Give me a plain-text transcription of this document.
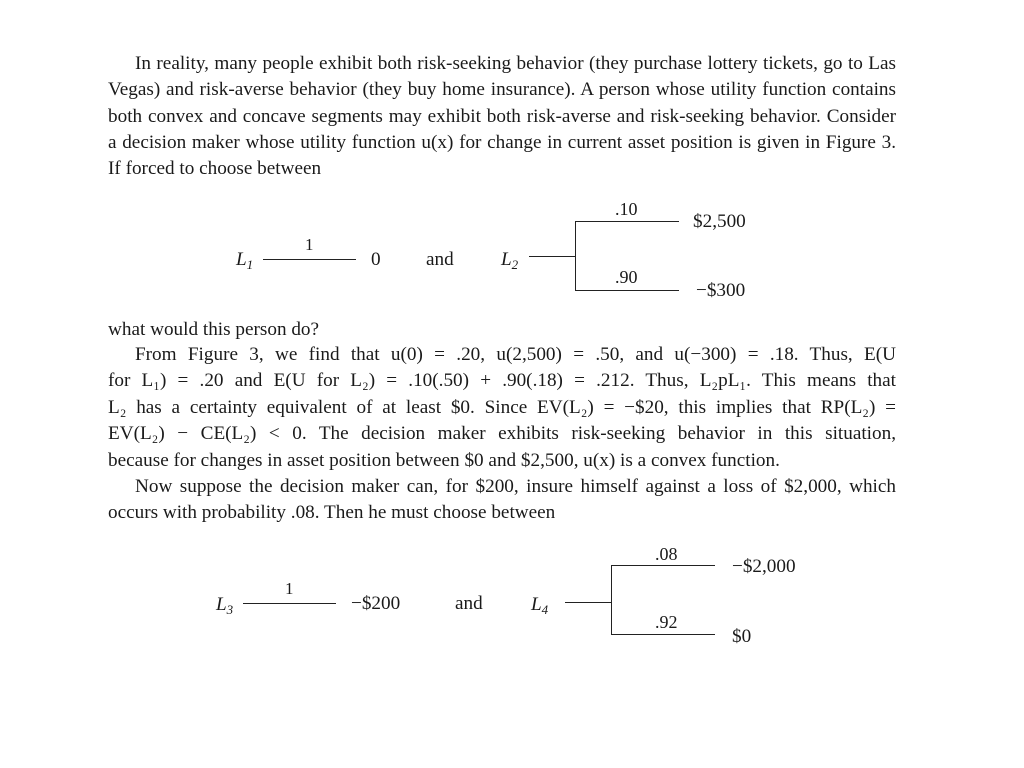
In reality, many people exhibit both risk-seeking behavior (they purchase lottery tickets, go to Las Vegas) and risk-averse behavior (they buy home insurance). A person whose utility function contains both convex and concave segments may exhibit both risk-averse and risk-seeking behavior. Consider a decision maker whose utility function u(x) for change in current asset position is given in Figure 3. If forced to choose between

$L_1$
1
0 and $L_2$
.10
$2,500
.90
−$300
what would this person do?
From Figure 3, we find that u(0) = .20, u(2,500) = .50, and u(−300) = .18. Thus, E(U
for L₁) = .20 and E(U for L₂) = .10(.50) + .90(.18) = .212. Thus, L₂pL₁. This means that
L₂ has a certainty equivalent of at least $0. Since EV(L₂) = −$20, this implies that RP(L₂) =
EV(L₂) − CE(L₂) < 0. The decision maker exhibits risk-seeking behavior in this situation,
because for changes in asset position between $0 and $2,500, u(x) is a convex function.

Now suppose the decision maker can, for $200, insure himself against a loss of $2,000, which occurs with probability .08. Then he must choose between

$L_3$
1
−$200	and	$L_4$
.08
−$2,000
.92
$0
